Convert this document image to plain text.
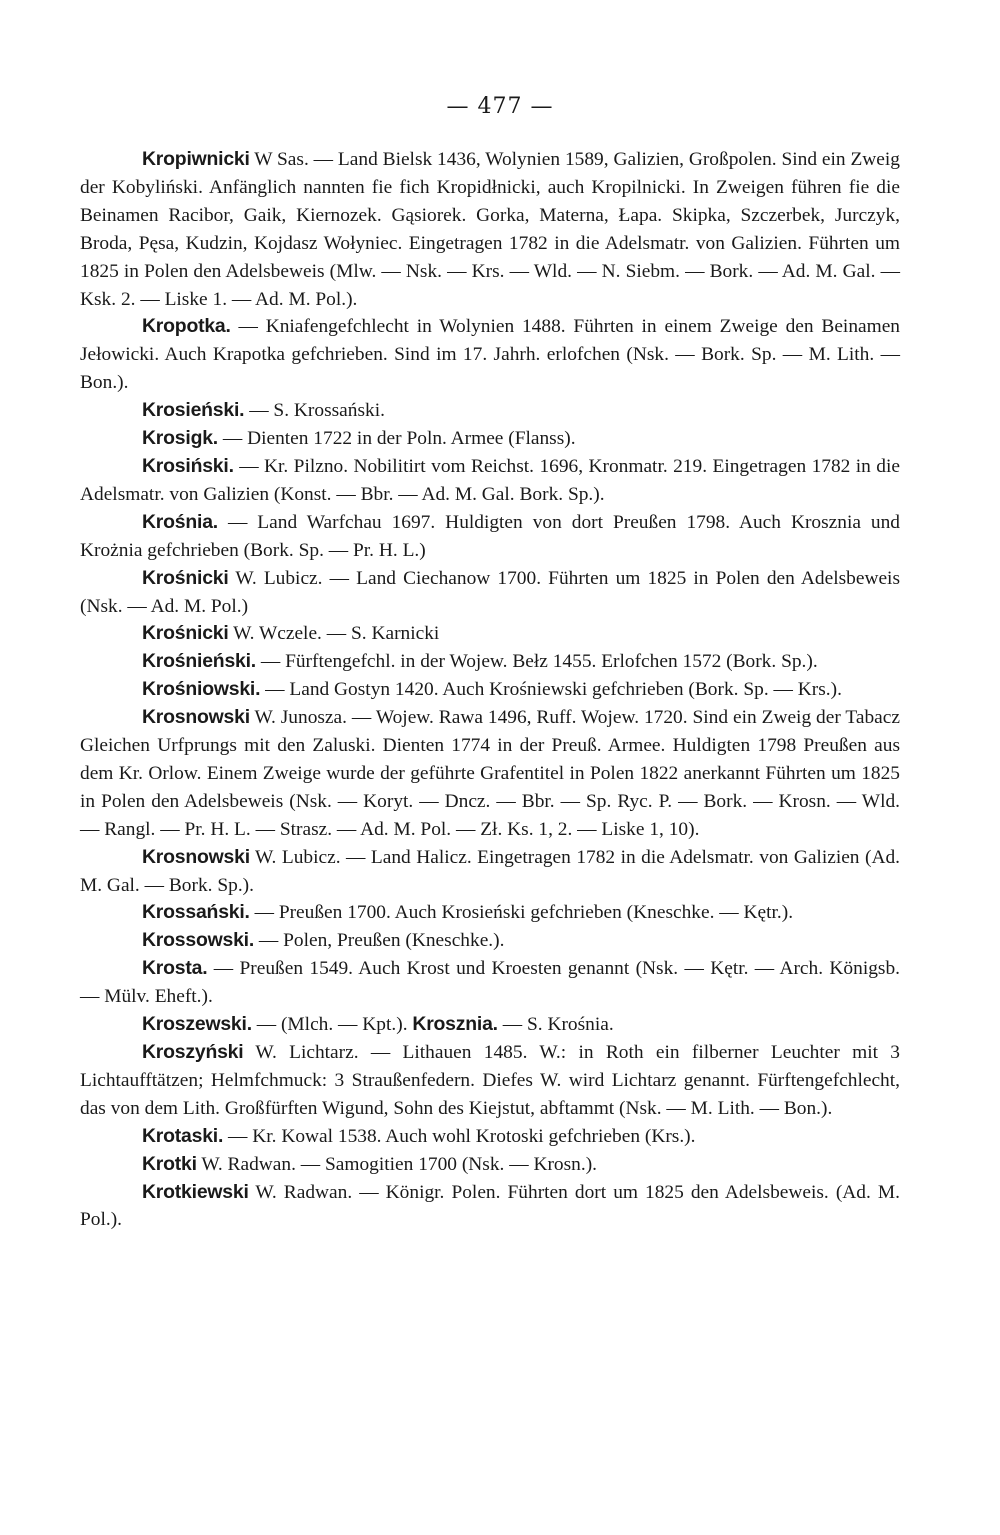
— 477 —

Kropiwnicki W Sas. — Land Bielsk 1436, Wolynien 1589, Galizien, Großpolen. Sind ein Zweig der Kobyliński. Anfänglich nannten fie fich Kropidłnicki, auch Kropilnicki. In Zweigen führen fie die Beinamen Racibor, Gaik, Kiernozek. Gąsiorek. Gorka, Materna, Łapa. Skipka, Szczerbek, Jurczyk, Broda, Pęsa, Kudzin, Kojdasz Wołyniec. Eingetragen 1782 in die Adelsmatr. von Galizien. Führten um 1825 in Polen den Adelsbeweis (Mlw. — Nsk. — Krs. — Wld. — N. Siebm. — Bork. — Ad. M. Gal. — Ksk. 2. — Liske 1. — Ad. M. Pol.).

Kropotka. — Kniafengefchlecht in Wolynien 1488. Führten in einem Zweige den Beinamen Jełowicki. Auch Krapotka gefchrieben. Sind im 17. Jahrh. erlofchen (Nsk. — Bork. Sp. — M. Lith. — Bon.).

Krosieński. — S. Krossański.

Krosigk. — Dienten 1722 in der Poln. Armee (Flanss).

Krosiński. — Kr. Pilzno. Nobilitirt vom Reichst. 1696, Kronmatr. 219. Eingetragen 1782 in die Adelsmatr. von Galizien (Konst. — Bbr. — Ad. M. Gal. Bork. Sp.).

Krośnia. — Land Warfchau 1697. Huldigten von dort Preußen 1798. Auch Krosznia und Krożnia gefchrieben (Bork. Sp. — Pr. H. L.)

Krośnicki W. Lubicz. — Land Ciechanow 1700. Führten um 1825 in Polen den Adelsbeweis (Nsk. — Ad. M. Pol.)

Krośnicki W. Wczele. — S. Karnicki

Krośnieński. — Fürftengefchl. in der Wojew. Bełz 1455. Erlofchen 1572 (Bork. Sp.).

Krośniowski. — Land Gostyn 1420. Auch Krośniewski gefchrieben (Bork. Sp. — Krs.).

Krosnowski W. Junosza. — Wojew. Rawa 1496, Ruff. Wojew. 1720. Sind ein Zweig der Tabacz Gleichen Urfprungs mit den Zaluski. Dienten 1774 in der Preuß. Armee. Huldigten 1798 Preußen aus dem Kr. Orlow. Einem Zweige wurde der geführte Grafentitel in Polen 1822 anerkannt Führten um 1825 in Polen den Adelsbeweis (Nsk. — Koryt. — Dncz. — Bbr. — Sp. Ryc. P. — Bork. — Krosn. — Wld. — Rangl. — Pr. H. L. — Strasz. — Ad. M. Pol. — Zł. Ks. 1, 2. — Liske 1, 10).

Krosnowski W. Lubicz. — Land Halicz. Eingetragen 1782 in die Adelsmatr. von Galizien (Ad. M. Gal. — Bork. Sp.).

Krossański. — Preußen 1700. Auch Krosieński gefchrieben (Kneschke. — Kętr.).

Krossowski. — Polen, Preußen (Kneschke.).

Krosta. — Preußen 1549. Auch Krost und Kroesten genannt (Nsk. — Kętr. — Arch. Königsb. — Mülv. Eheft.).

Kroszewski. — (Mlch. — Kpt.). Krosznia. — S. Krośnia.

Kroszyński W. Lichtarz. — Lithauen 1485. W.: in Roth ein filberner Leuchter mit 3 Lichtaufftätzen; Helmfchmuck: 3 Straußenfedern. Diefes W. wird Lichtarz genannt. Fürftengefchlecht, das von dem Lith. Großfürften Wigund, Sohn des Kiejstut, abftammt (Nsk. — M. Lith. — Bon.).

Krotaski. — Kr. Kowal 1538. Auch wohl Krotoski gefchrieben (Krs.).

Krotki W. Radwan. — Samogitien 1700 (Nsk. — Krosn.).

Krotkiewski W. Radwan. — Königr. Polen. Führten dort um 1825 den Adelsbeweis. (Ad. M. Pol.).
